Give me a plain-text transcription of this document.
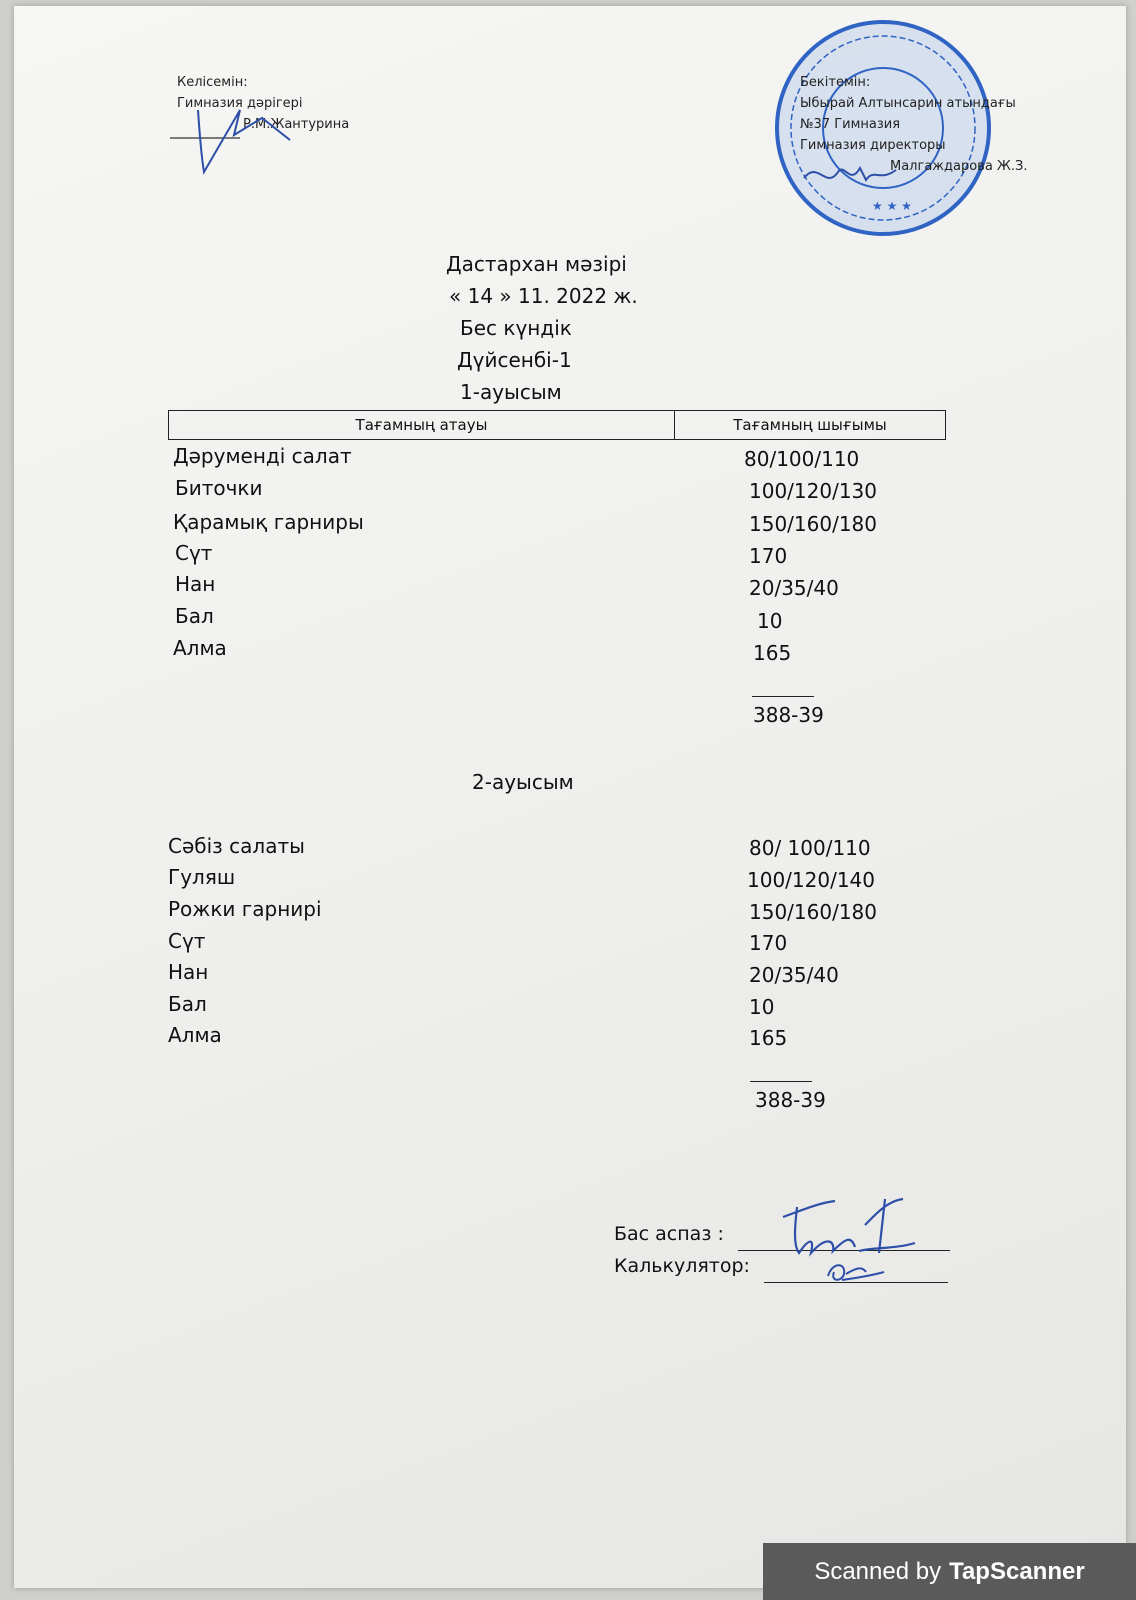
Келісемін:
Гимназия дәрігері
Р.М.Жантурина
★ ★ ★
Бекітемін:
Ыбырай Алтынсарин атындағы
№37 Гимназия
Гимназия директоры
Малгаждарова Ж.З.
Дастархан мәзірі
« 14 » 11. 2022 ж.
Бес күндік
Дүйсенбі-1
1-ауысым
Тағамның атауы	Тағамның шығымы
Дәруменді салат	80/100/110
Биточки	100/120/130
Қарамық гарниры	150/160/180
Сүт	170
Нан	20/35/40
Бал	10
Алма	165
388-39
2-ауысым
Сәбіз салаты	80/ 100/110
Гуляш	100/120/140
Рожки гарнирі	150/160/180
Сүт	170
Нан	20/35/40
Бал	10
Алма	165
388-39
Бас аспаз :
Калькулятор:
Scanned by TapScanner
